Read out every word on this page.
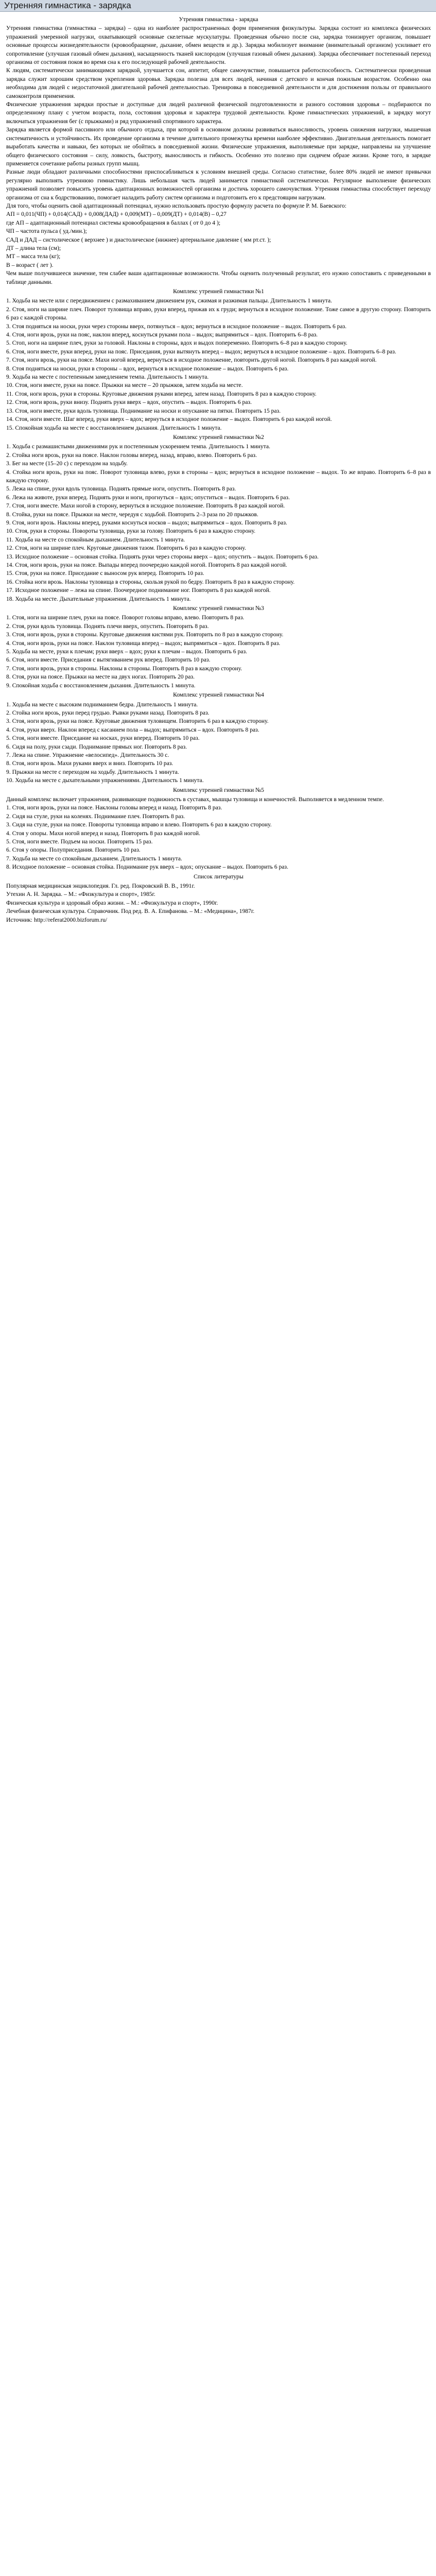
Утренняя гимнастика - зарядка
Утренняя гимнастика - зарядка

Утренняя гимнастика (гимнастика – зарядка) – одна из наиболее распространенных форм применения физкультуры. Зарядка состоит из комплекса физических упражнений умеренной нагрузки, охватывающей основные скелетные мускулатуры. Проведенная обычно после сна, зарядка тонизирует организм, повышает основные процессы жизнедеятельности (кровообращение, дыхание, обмен веществ и др.). Зарядка мобилизует внимание (внимательный организм) усиливает его сопротивление (улучшая газовый обмен дыхания), насыщенность тканей кислородом (улучшая газовый обмен дыхания). Зарядка обеспечивает постепенный переход организма от состояния покоя во время сна к его последующей рабочей деятельности.

К людям, систематически занимающимся зарядкой, улучшается сон, аппетит, общее самочувствие, повышается работоспособность. Систематически проведенная зарядка служит хорошим средством укрепления здоровья. Зарядка полезна для всех людей, начиная с детского и кончая пожилым возрастом. Особенно она необходима для людей с недостаточной двигательной рабочей деятельностью. Тренировка в повседневной деятельности и для достижения пользы от правильного самоконтроля применения.

Физические упражнения зарядки простые и доступные для людей различной физической подготовленности и разного состояния здоровья – подбираются по определенному плану с учетом возраста, пола, состояния здоровья и характера трудовой деятельности. Кроме гимнастических упражнений, в зарядку могут включаться упражнения бег (с прыжками) и ряд упражнений спортивного характера.

Зарядка является формой пассивного или обычного отдыха, при которой в основном должны развиваться выносливость, уровень снижения нагрузки, мышечная систематичность и устойчивость. Их проведение организма в течение длительного промежутка времени наиболее эффективно. Двигательная деятельность помогает выработать качества и навыки, без которых не обойтись в повседневной жизни. Физические упражнения, выполняемые при зарядке, направлены на улучшение общего физического состояния – силу, ловкость, быстроту, выносливость и гибкость. Особенно это полезно при сидячем образе жизни. Кроме того, в зарядке применяется сочетание работы разных групп мышц.

Разные люди обладают различными способностями приспосабливаться к условиям внешней среды. Согласно статистике, более 80% людей не имеют привычки регулярно выполнять утреннюю гимнастику. Лишь небольшая часть людей занимается гимнастикой систематически. Регулярное выполнение физических упражнений позволяет повысить уровень адаптационных возможностей организма и достичь хорошего самочувствия. Утренняя гимнастика способствует переходу организма от сна к бодрствованию, помогает наладить работу систем организма и подготовить его к предстоящим нагрузкам.

Для того, чтобы оценить свой адаптационный потенциал, нужно использовать простую формулу расчета по формуле Р. М. Баевского:

АП = 0,011(ЧП) + 0,014(САД) + 0,008(ДАД) + 0,009(МТ) – 0,009(ДТ) + 0,014(В) – 0,27

где АП – адаптационный потенциал системы кровообращения в баллах ( от 0 до 4 );

ЧП – частота пульса ( уд./мин.);

САД и ДАД – систолическое ( верхнее ) и диастолическое (нижнее) артериальное давление ( мм рт.ст. );

ДТ – длина тела (см);

МТ – масса тела (кг);

В – возраст ( лет ).

Чем выше получившееся значение, тем слабее ваши адаптационные возможности. Чтобы оценить полученный результат, его нужно сопоставить с приведенными в таблице данными.

Комплекс утренней гимнастики №1

1. Ходьба на месте или с передвижением с размахиванием движением рук, сжимая и разжимая пальцы. Длительность 1 минута.

2. Стоя, ноги на ширине плеч. Поворот туловища вправо, руки вперед, прижав их к груди; вернуться в исходное положение. Тоже самое в другую сторону. Повторить 6 раз с каждой стороны.

3. Стоя подняться на носки, руки через стороны вверх, потянуться – вдох; вернуться в исходное положение – выдох. Повторить 6 раз.

4. Стоя, ноги врозь, руки на пояс, наклон вперед, коснуться руками пола – выдох; выпрямиться – вдох. Повторить 6–8 раз.

5. Стоп, ноги на ширине плеч, руки за головой. Наклоны в стороны, вдох и выдох попеременно. Повторить 6–8 раз в каждую сторону.

6. Стоя, ноги вместе, руки вперед, руки на пояс. Приседания, руки вытянуть вперед – выдох; вернуться в исходное положение – вдох. Повторить 6–8 раз.

7. Стоя, ноги врозь, руки на поясе. Махи ногой вперед, вернуться в исходное положение, повторить другой ногой. Повторить 8 раз каждой ногой.

8. Стоя подняться на носки, руки в стороны – вдох, вернуться в исходное положение – выдох. Повторить 6 раз.

9. Ходьба на месте с постепенным замедлением темпа. Длительность 1 минута.

10. Стоя, ноги вместе, руки на поясе. Прыжки на месте – 20 прыжков, затем ходьба на месте.

11. Стоя, ноги врозь, руки в стороны. Круговые движения руками вперед, затем назад. Повторить 8 раз в каждую сторону.

12. Стоя, ноги врозь, руки внизу. Поднять руки вверх – вдох, опустить – выдох. Повторить 6 раз.

13. Стоя, ноги вместе, руки вдоль туловища. Поднимание на носки и опускание на пятки. Повторить 15 раз.

14. Стоя, ноги вместе. Шаг вперед, руки вверх – вдох; вернуться в исходное положение – выдох. Повторить 6 раз каждой ногой.

15. Спокойная ходьба на месте с восстановлением дыхания. Длительность 1 минута.

Комплекс утренней гимнастики №2

1. Ходьба с размашистыми движениями рук и постепенным ускорением темпа. Длительность 1 минута.

2. Стойка ноги врозь, руки на поясе. Наклон головы вперед, назад, вправо, влево. Повторить 6 раз.

3. Бег на месте (15–20 с) с переходом на ходьбу.

4. Стойка ноги врозь, руки на пояс. Поворот туловища влево, руки в стороны – вдох; вернуться в исходное положение – выдох. То же вправо. Повторить 6–8 раз в каждую сторону.

5. Лежа на спине, руки вдоль туловища. Поднять прямые ноги, опустить. Повторить 8 раз.

6. Лежа на животе, руки вперед. Поднять руки и ноги, прогнуться – вдох; опуститься – выдох. Повторить 6 раз.

7. Стоя, ноги вместе. Махи ногой в сторону, вернуться в исходное положение. Повторить 8 раз каждой ногой.

8. Стойка, руки на поясе. Прыжки на месте, чередуя с ходьбой. Повторить 2–3 раза по 20 прыжков.

9. Стоя, ноги врозь. Наклоны вперед, руками коснуться носков – выдох; выпрямиться – вдох. Повторить 8 раз.

10. Стоя, руки в стороны. Повороты туловища, руки за голову. Повторить 6 раз в каждую сторону.

11. Ходьба на месте со спокойным дыханием. Длительность 1 минута.

12. Стоя, ноги на ширине плеч. Круговые движения тазом. Повторить 6 раз в каждую сторону.

13. Исходное положение – основная стойка. Поднять руки через стороны вверх – вдох; опустить – выдох. Повторить 6 раз.

14. Стоя, ноги врозь, руки на поясе. Выпады вперед поочередно каждой ногой. Повторить 8 раз каждой ногой.

15. Стоя, руки на поясе. Приседание с выносом рук вперед. Повторить 10 раз.

16. Стойка ноги врозь. Наклоны туловища в стороны, скользя рукой по бедру. Повторить 8 раз в каждую сторону.

17. Исходное положение – лежа на спине. Поочередное поднимание ног. Повторить 8 раз каждой ногой.

18. Ходьба на месте. Дыхательные упражнения. Длительность 1 минута.

Комплекс утренней гимнастики №3

1. Стоя, ноги на ширине плеч, руки на поясе. Поворот головы вправо, влево. Повторить 8 раз.

2. Стоя, руки вдоль туловища. Поднять плечи вверх, опустить. Повторить 8 раз.

3. Стоя, ноги врозь, руки в стороны. Круговые движения кистями рук. Повторить по 8 раз в каждую сторону.

4. Стоя, ноги врозь, руки на поясе. Наклон туловища вперед – выдох; выпрямиться – вдох. Повторить 8 раз.

5. Ходьба на месте, руки к плечам; руки вверх – вдох; руки к плечам – выдох. Повторить 6 раз.

6. Стоя, ноги вместе. Приседания с вытягиванием рук вперед. Повторить 10 раз.

7. Стоя, ноги врозь, руки в стороны. Наклоны в стороны. Повторить 8 раз в каждую сторону.

8. Стоя, руки на поясе. Прыжки на месте на двух ногах. Повторить 20 раз.

9. Спокойная ходьба с восстановлением дыхания. Длительность 1 минута.

Комплекс утренней гимнастики №4

1. Ходьба на месте с высоким подниманием бедра. Длительность 1 минута.

2. Стойка ноги врозь, руки перед грудью. Рывки руками назад. Повторить 8 раз.

3. Стоя, ноги врозь, руки на поясе. Круговые движения туловищем. Повторить 6 раз в каждую сторону.

4. Стоя, руки вверх. Наклон вперед с касанием пола – выдох; выпрямиться – вдох. Повторить 8 раз.

5. Стоя, ноги вместе. Приседание на носках, руки вперед. Повторить 10 раз.

6. Сидя на полу, руки сзади. Поднимание прямых ног. Повторить 8 раз.

7. Лежа на спине. Упражнение «велосипед». Длительность 30 с.

8. Стоя, ноги врозь. Махи руками вверх и вниз. Повторить 10 раз.

9. Прыжки на месте с переходом на ходьбу. Длительность 1 минута.

10. Ходьба на месте с дыхательными упражнениями. Длительность 1 минута.

Комплекс утренней гимнастики №5

Данный комплекс включает упражнения, развивающие подвижность в суставах, мышцы туловища и конечностей. Выполняется в медленном темпе.

1. Стоя, ноги врозь, руки на поясе. Наклоны головы вперед и назад. Повторить 8 раз.

2. Сидя на стуле, руки на коленях. Поднимание плеч. Повторить 8 раз.

3. Сидя на стуле, руки на поясе. Повороты туловища вправо и влево. Повторить 6 раз в каждую сторону.

4. Стоя у опоры. Махи ногой вперед и назад. Повторить 8 раз каждой ногой.

5. Стоя, ноги вместе. Подъем на носки. Повторить 15 раз.

6. Стоя у опоры. Полуприседания. Повторить 10 раз.

7. Ходьба на месте со спокойным дыханием. Длительность 1 минута.

8. Исходное положение – основная стойка. Поднимание рук вверх – вдох; опускание – выдох. Повторить 6 раз.

Список литературы

Популярная медицинская энциклопедия. Гл. ред. Покровский В. В., 1991г.

Утехин А. Н. Зарядка. – М.: «Физкультура и спорт», 1985г.

Физическая культура и здоровый образ жизни. – М.: «Физкультура и спорт», 1990г.

Лечебная физическая культура. Справочник. Под ред. В. А. Епифанова. – М.: «Медицина», 1987г.

Источник: http://referat2000.bizforum.ru/
